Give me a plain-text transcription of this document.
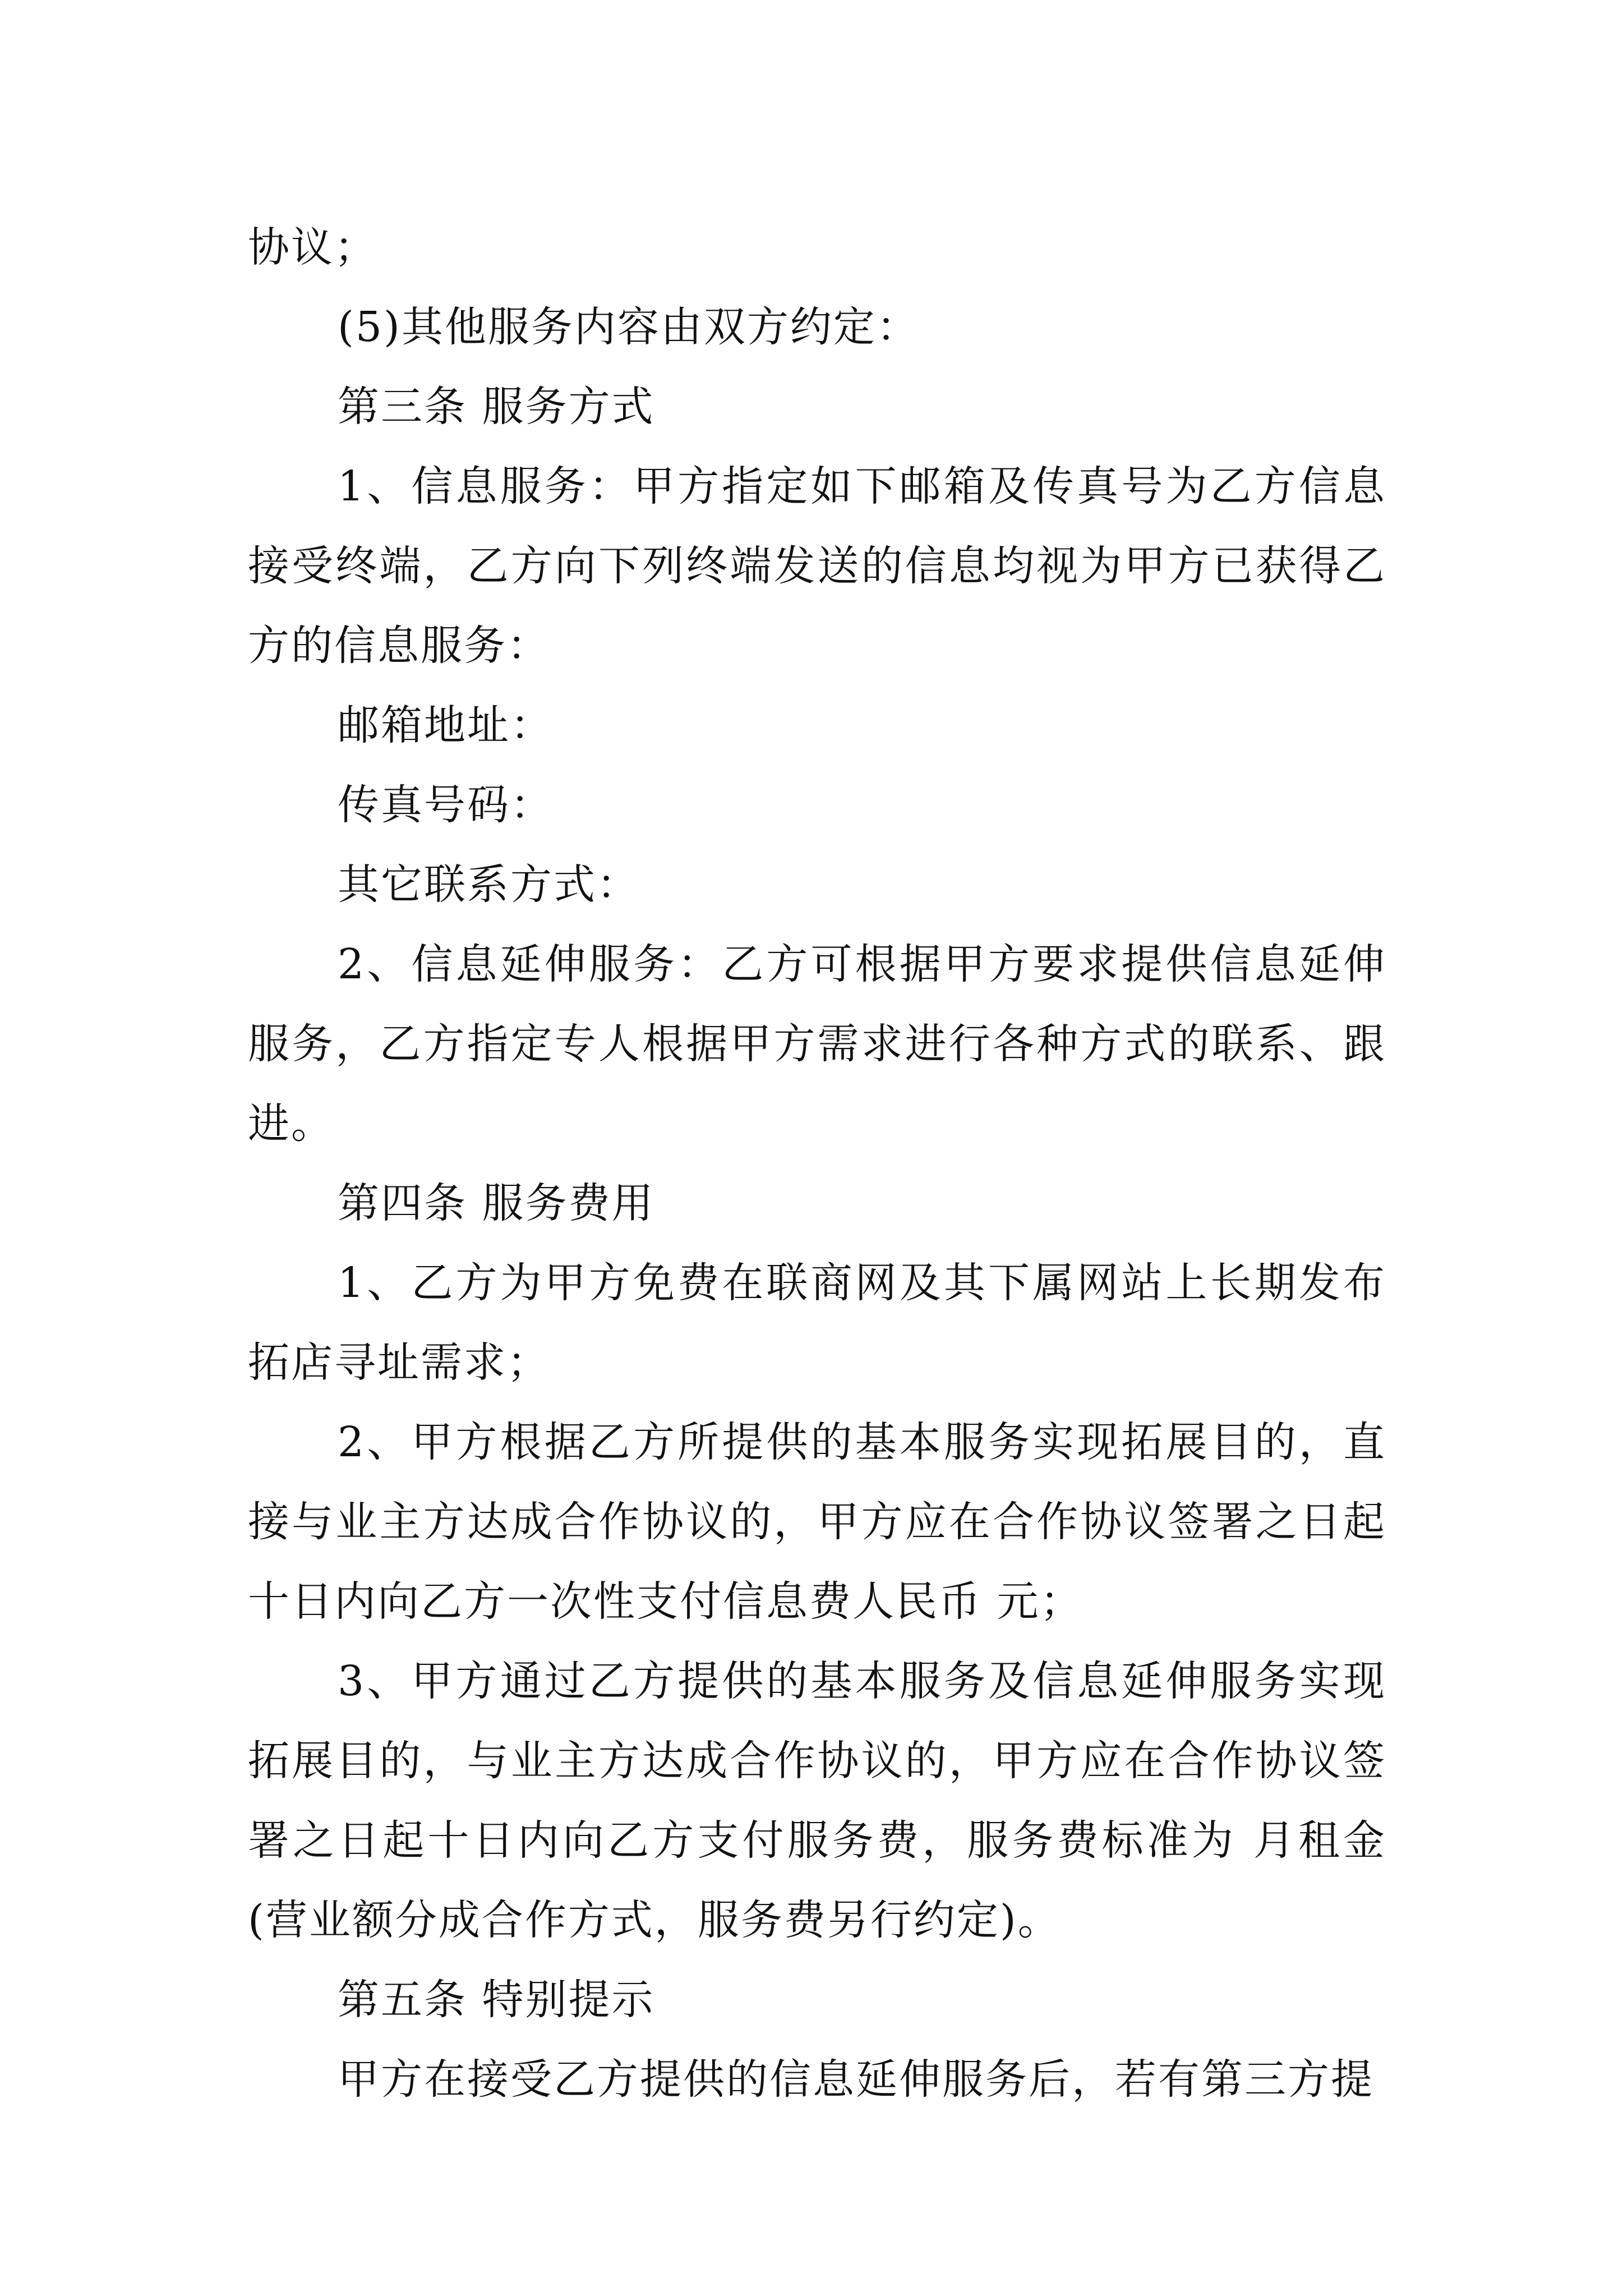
协议；

(5)其他服务内容由双方约定：

第三条 服务方式

1、信息服务：甲方指定如下邮箱及传真号为乙方信息接受终端，乙方向下列终端发送的信息均视为甲方已获得乙方的信息服务：

邮箱地址：

传真号码：

其它联系方式：

2、信息延伸服务：乙方可根据甲方要求提供信息延伸服务，乙方指定专人根据甲方需求进行各种方式的联系、跟进。

第四条 服务费用

1、乙方为甲方免费在联商网及其下属网站上长期发布拓店寻址需求；

2、甲方根据乙方所提供的基本服务实现拓展目的，直接与业主方达成合作协议的，甲方应在合作协议签署之日起十日内向乙方一次性支付信息费人民币 元；

3、甲方通过乙方提供的基本服务及信息延伸服务实现拓展目的，与业主方达成合作协议的，甲方应在合作协议签署之日起十日内向乙方支付服务费，服务费标准为 月租金(营业额分成合作方式，服务费另行约定)。

第五条 特别提示

甲方在接受乙方提供的信息延伸服务后，若有第三方提
